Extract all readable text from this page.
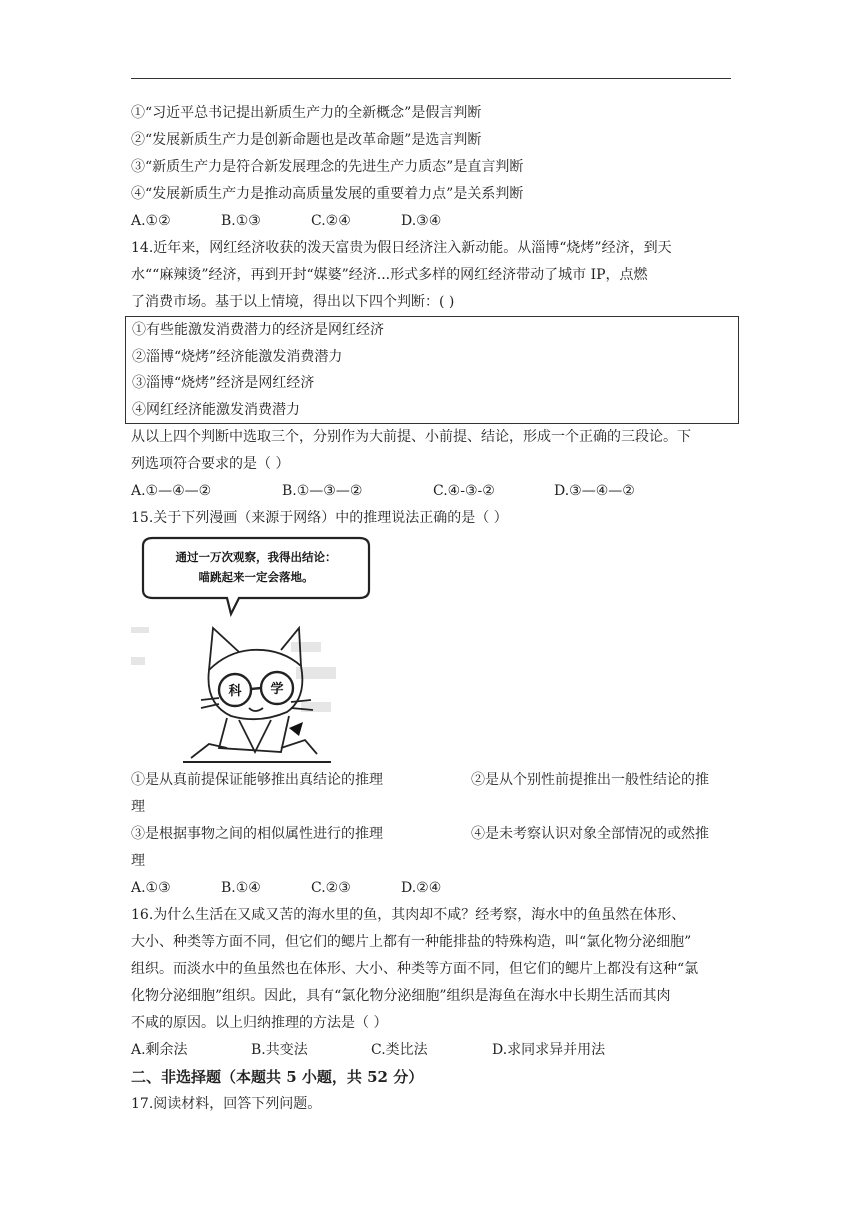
①“习近平总书记提出新质生产力的全新概念”是假言判断
②“发展新质生产力是创新命题也是改革命题”是选言判断
③“新质生产力是符合新发展理念的先进生产力质态”是直言判断
④“发展新质生产力是推动高质量发展的重要着力点”是关系判断
A.①②	B.①③	C.②④	D.③④
14.近年来，网红经济收获的泼天富贵为假日经济注入新动能。从淄博“烧烤”经济，到天
水““麻辣烫”经济，再到开封“媒婆”经济...形式多样的网红经济带动了城市 IP，点燃
了消费市场。基于以上情境，得出以下四个判断：( )
①有些能激发消费潜力的经济是网红经济
②淄博“烧烤”经济能激发消费潜力
③淄博“烧烤”经济是网红经济
④网红经济能激发消费潜力
从以上四个判断中选取三个，分别作为大前提、小前提、结论，形成一个正确的三段论。下
列选项符合要求的是（ ）
A.①—④—②	B.①—③—②	C.④-③-②	D.③—④—②
15.关于下列漫画（来源于网络）中的推理说法正确的是（ ）
通过一万次观察，我得出结论：
喵跳起来一定会落地。
科 学
①是从真前提保证能够推出真结论的推理	②是从个别性前提推出一般性结论的推
理
③是根据事物之间的相似属性进行的推理	④是未考察认识对象全部情况的或然推
理
A.①③	B.①④	C.②③	D.②④
16.为什么生活在又咸又苦的海水里的鱼，其肉却不咸？经考察，海水中的鱼虽然在体形、
大小、种类等方面不同，但它们的鳃片上都有一种能排盐的特殊构造，叫“氯化物分泌细胞”
组织。而淡水中的鱼虽然也在体形、大小、种类等方面不同，但它们的鳃片上都没有这种“氯
化物分泌细胞”组织。因此，具有“氯化物分泌细胞”组织是海鱼在海水中长期生活而其肉
不咸的原因。以上归纳推理的方法是（ ）
A.剩余法	B.共变法	C.类比法	D.求同求异并用法
二、非选择题（本题共 5 小题，共 52 分）
17.阅读材料，回答下列问题。
